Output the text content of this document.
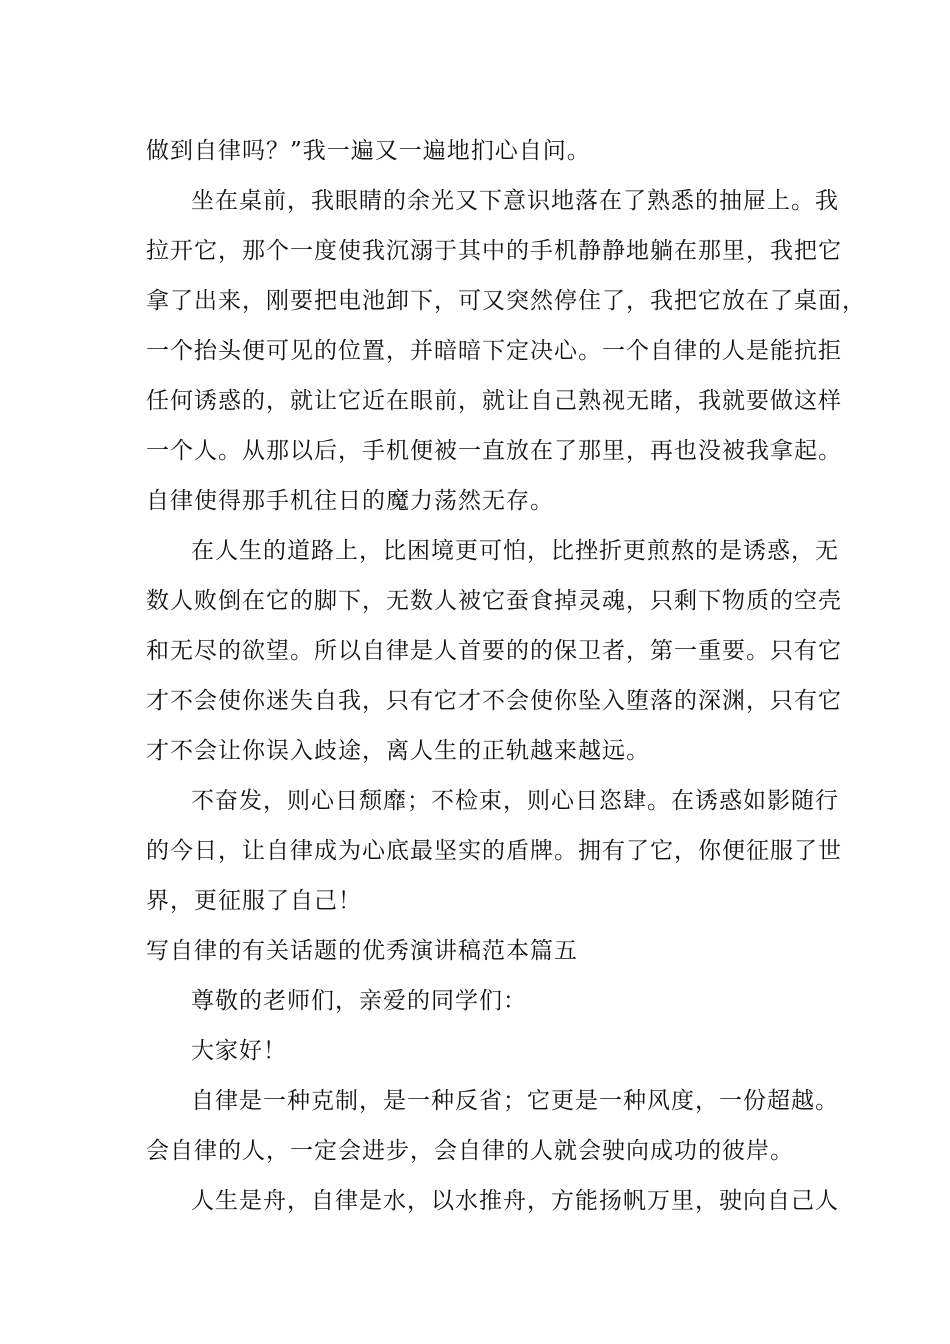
做到自律吗？”我一遍又一遍地扪心自问。
坐在桌前，我眼睛的余光又下意识地落在了熟悉的抽屉上。我
拉开它，那个一度使我沉溺于其中的手机静静地躺在那里，我把它
拿了出来，刚要把电池卸下，可又突然停住了，我把它放在了桌面，
一个抬头便可见的位置，并暗暗下定决心。一个自律的人是能抗拒
任何诱惑的，就让它近在眼前，就让自己熟视无睹，我就要做这样
一个人。从那以后，手机便被一直放在了那里，再也没被我拿起。
自律使得那手机往日的魔力荡然无存。
在人生的道路上，比困境更可怕，比挫折更煎熬的是诱惑，无
数人败倒在它的脚下，无数人被它蚕食掉灵魂，只剩下物质的空壳
和无尽的欲望。所以自律是人首要的的保卫者，第一重要。只有它
才不会使你迷失自我，只有它才不会使你坠入堕落的深渊，只有它
才不会让你误入歧途，离人生的正轨越来越远。
不奋发，则心日颓靡；不检束，则心日恣肆。在诱惑如影随行
的今日，让自律成为心底最坚实的盾牌。拥有了它，你便征服了世
界，更征服了自己！
写自律的有关话题的优秀演讲稿范本篇五
尊敬的老师们，亲爱的同学们：
大家好！
自律是一种克制，是一种反省；它更是一种风度，一份超越。
会自律的人，一定会进步，会自律的人就会驶向成功的彼岸。
人生是舟，自律是水，以水推舟，方能扬帆万里，驶向自己人
